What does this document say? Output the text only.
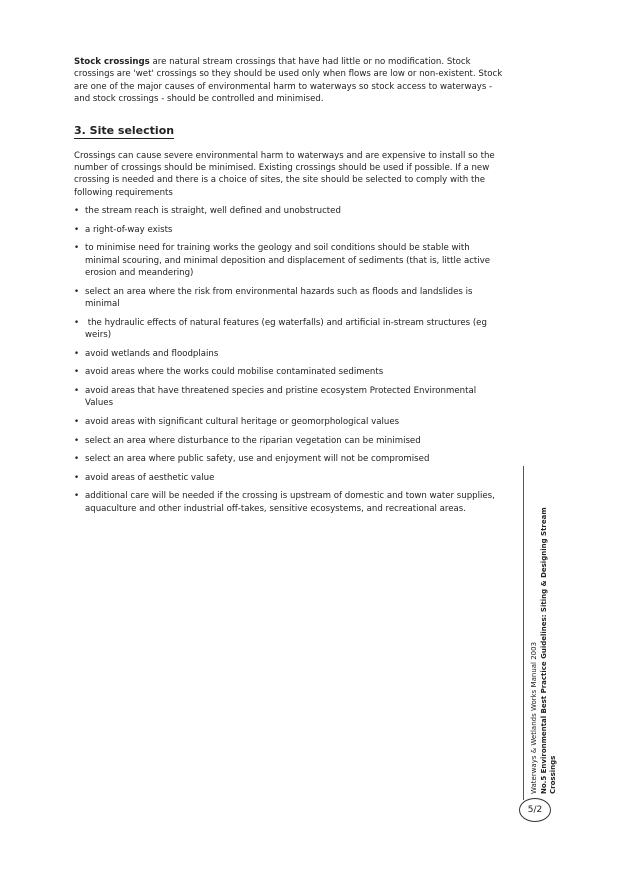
Stock crossings are natural stream crossings that have had little or no modification. Stock crossings are 'wet' crossings so they should be used only when flows are low or non-existent. Stock are one of the major causes of environmental harm to waterways so stock access to waterways - and stock crossings - should be controlled and minimised.

3. Site selection

Crossings can cause severe environmental harm to waterways and are expensive to install so the number of crossings should be minimised. Existing crossings should be used if possible. If a new crossing is needed and there is a choice of sites, the site should be selected to comply with the following requirements

• the stream reach is straight, well defined and unobstructed
• a right-of-way exists
• to minimise need for training works the geology and soil conditions should be stable with minimal scouring, and minimal deposition and displacement of sediments (that is, little active erosion and meandering)
• select an area where the risk from environmental hazards such as floods and landslides is minimal
• the hydraulic effects of natural features (eg waterfalls) and artificial in-stream structures (eg weirs)
• avoid wetlands and floodplains
• avoid areas where the works could mobilise contaminated sediments
• avoid areas that have threatened species and pristine ecosystem Protected Environmental Values
• avoid areas with significant cultural heritage or geomorphological values
• select an area where disturbance to the riparian vegetation can be minimised
• select an area where public safety, use and enjoyment will not be compromised
• avoid areas of aesthetic value
• additional care will be needed if the crossing is upstream of domestic and town water supplies, aquaculture and other industrial off-takes, sensitive ecosystems, and recreational areas.
Waterways & Wetlands Works Manual 2003 No.5 Environmental Best Practice Guidelines: Siting & Designing Stream Crossings
5/2
